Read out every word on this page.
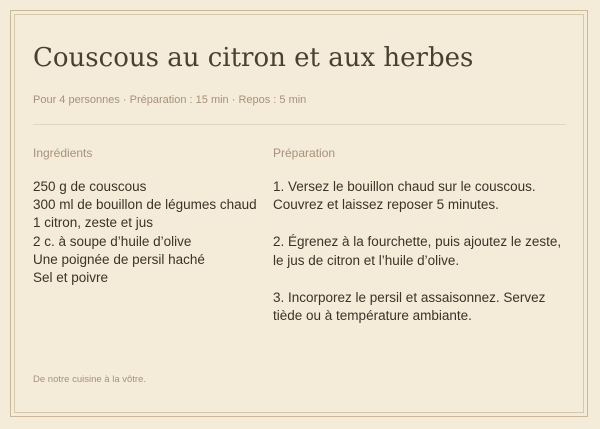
Couscous au citron et aux herbes
Pour 4 personnes · Préparation : 15 min · Repos : 5 min
Ingrédients
250 g de couscous
300 ml de bouillon de légumes chaud
1 citron, zeste et jus
2 c. à soupe d’huile d’olive
Une poignée de persil haché
Sel et poivre
Préparation

1. Versez le bouillon chaud sur le couscous. Couvrez et laissez reposer 5 minutes.

2. Égrenez à la fourchette, puis ajoutez le zeste, le jus de citron et l’huile d’olive.

3. Incorporez le persil et assaisonnez. Servez tiède ou à température ambiante.

De notre cuisine à la vôtre.
